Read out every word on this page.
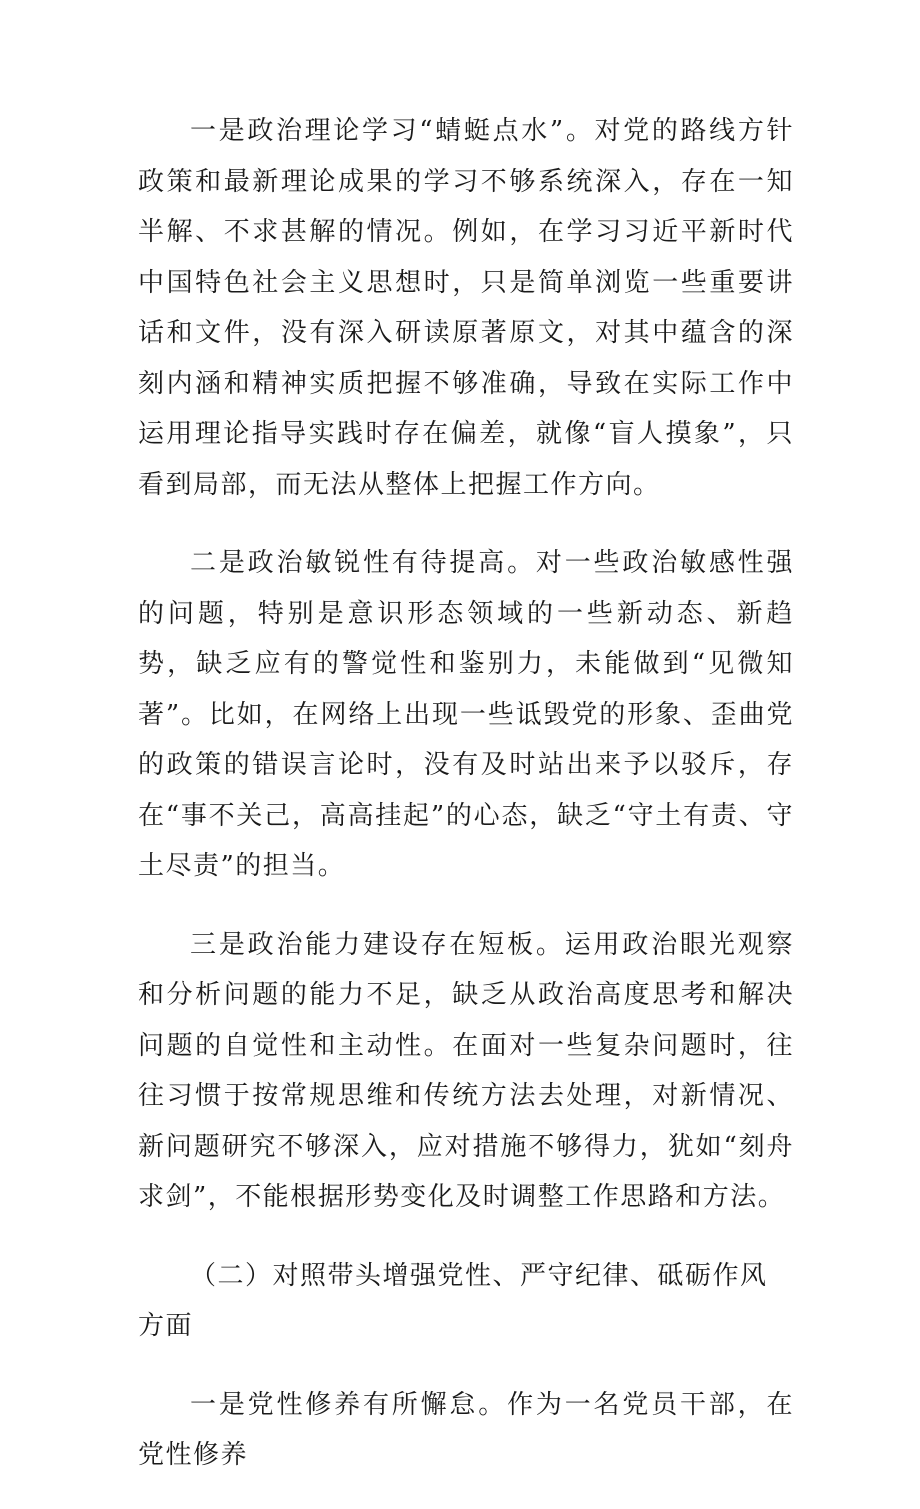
一是政治理论学习“蜻蜓点水”。对党的路线方针政策和最新理论成果的学习不够系统深入，存在一知半解、不求甚解的情况。例如，在学习习近平新时代中国特色社会主义思想时，只是简单浏览一些重要讲话和文件，没有深入研读原著原文，对其中蕴含的深刻内涵和精神实质把握不够准确，导致在实际工作中运用理论指导实践时存在偏差，就像“盲人摸象”，只看到局部，而无法从整体上把握工作方向。

二是政治敏锐性有待提高。对一些政治敏感性强的问题，特别是意识形态领域的一些新动态、新趋势，缺乏应有的警觉性和鉴别力，未能做到“见微知著”。比如，在网络上出现一些诋毁党的形象、歪曲党的政策的错误言论时，没有及时站出来予以驳斥，存在“事不关己，高高挂起”的心态，缺乏“守土有责、守土尽责”的担当。

三是政治能力建设存在短板。运用政治眼光观察和分析问题的能力不足，缺乏从政治高度思考和解决问题的自觉性和主动性。在面对一些复杂问题时，往往习惯于按常规思维和传统方法去处理，对新情况、新问题研究不够深入，应对措施不够得力，犹如“刻舟求剑”，不能根据形势变化及时调整工作思路和方法。

（二）对照带头增强党性、严守纪律、砥砺作风方面

一是党性修养有所懈怠。作为一名党员干部，在党性修养
